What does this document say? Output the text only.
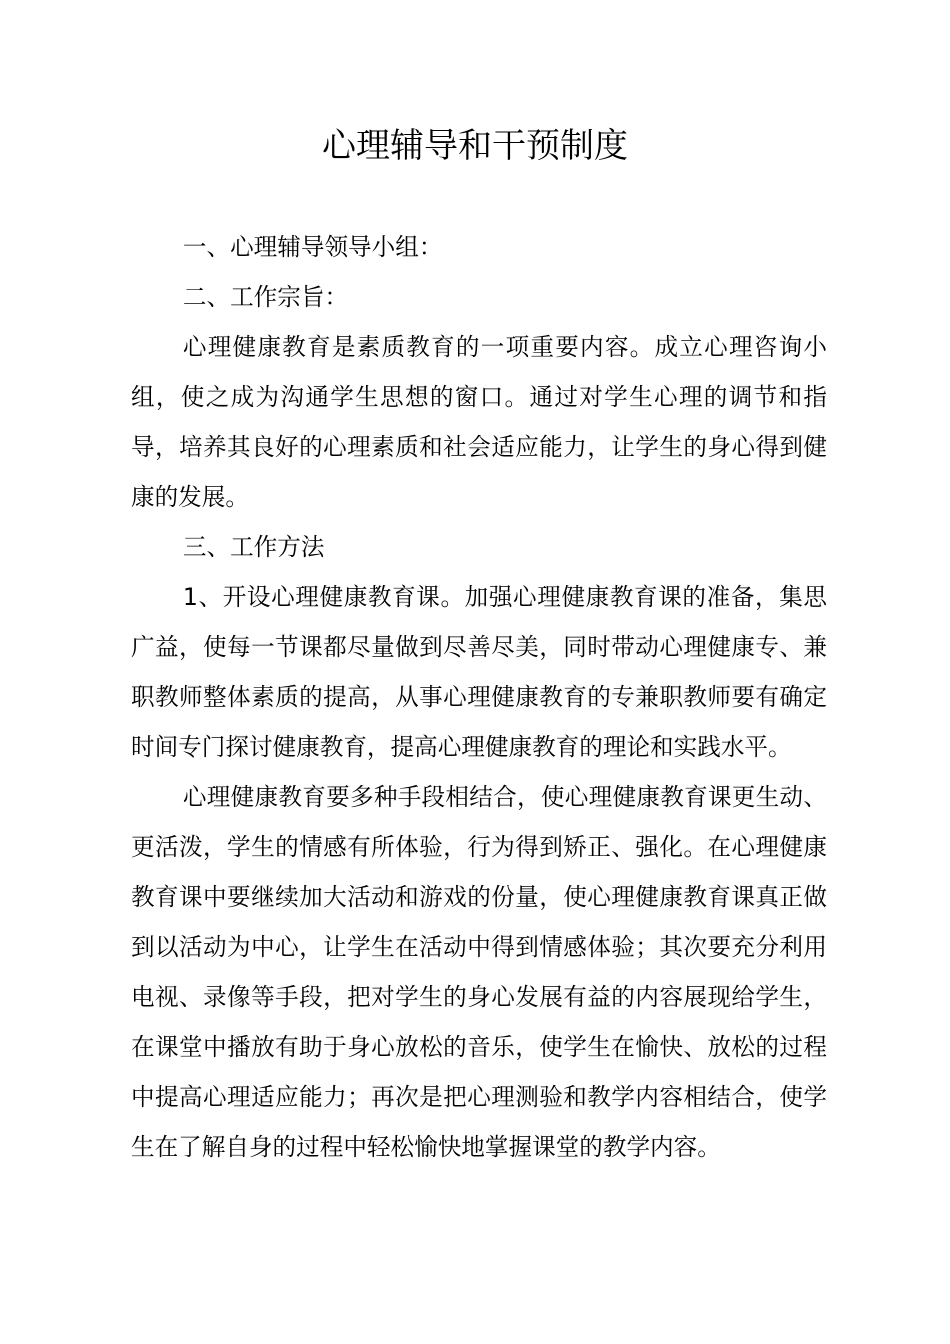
心理辅导和干预制度

一、心理辅导领导小组：

二、工作宗旨：

心理健康教育是素质教育的一项重要内容。成立心理咨询小组，使之成为沟通学生思想的窗口。通过对学生心理的调节和指导，培养其良好的心理素质和社会适应能力，让学生的身心得到健康的发展。

三、工作方法

1、开设心理健康教育课。加强心理健康教育课的准备，集思广益，使每一节课都尽量做到尽善尽美，同时带动心理健康专、兼职教师整体素质的提高，从事心理健康教育的专兼职教师要有确定时间专门探讨健康教育，提高心理健康教育的理论和实践水平。

心理健康教育要多种手段相结合，使心理健康教育课更生动、更活泼，学生的情感有所体验，行为得到矫正、强化。在心理健康教育课中要继续加大活动和游戏的份量，使心理健康教育课真正做到以活动为中心，让学生在活动中得到情感体验；其次要充分利用电视、录像等手段，把对学生的身心发展有益的内容展现给学生，在课堂中播放有助于身心放松的音乐，使学生在愉快、放松的过程中提高心理适应能力；再次是把心理测验和教学内容相结合，使学生在了解自身的过程中轻松愉快地掌握课堂的教学内容。
